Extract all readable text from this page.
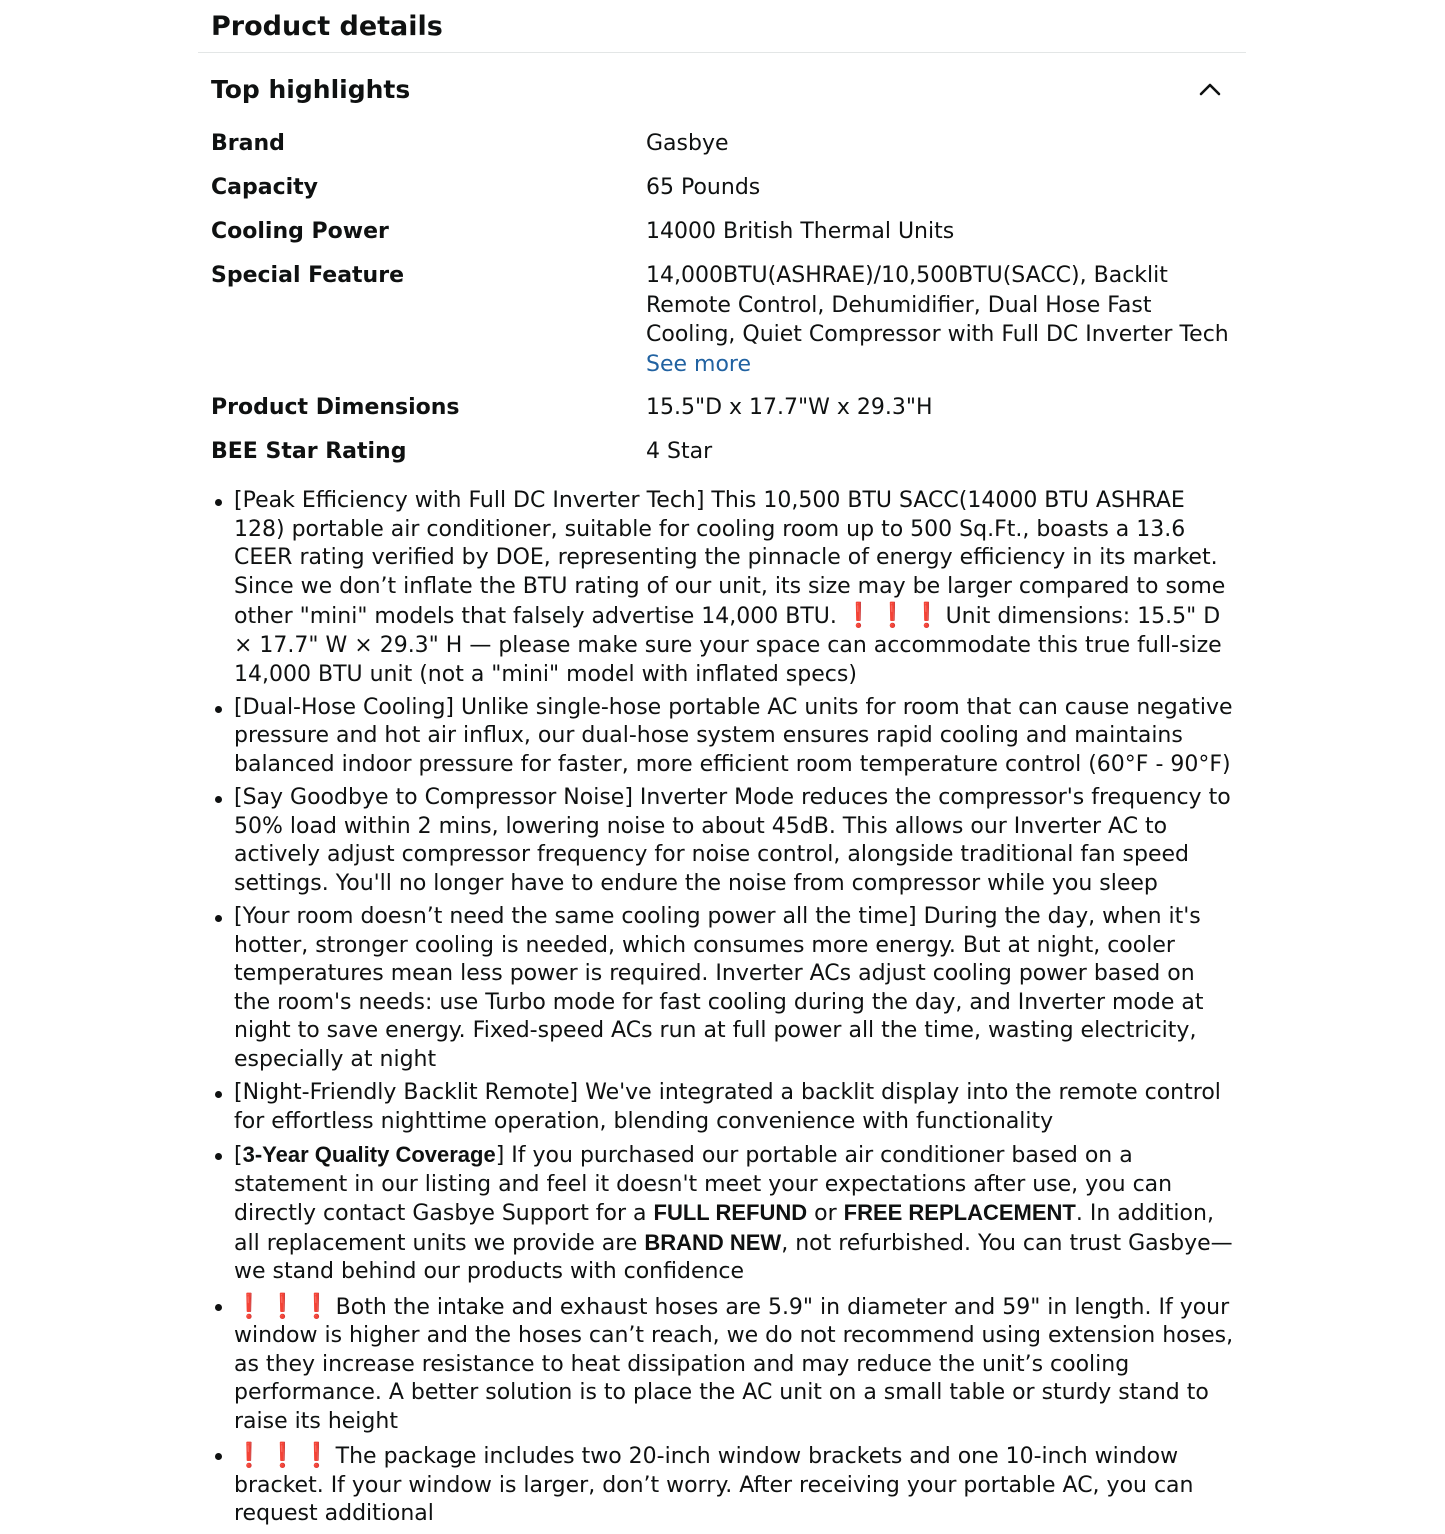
Product details
Top highlights
Brand	Gasbye
Capacity	65 Pounds
Cooling Power	14000 British Thermal Units
Special Feature	14,000BTU(ASHRAE)/10,500BTU(SACC), Backlit Remote Control, Dehumidifier, Dual Hose Fast Cooling, Quiet Compressor with Full DC Inverter Tech
See more
Product Dimensions	15.5"D x 17.7"W x 29.3"H
BEE Star Rating	4 Star
[Peak Efficiency with Full DC Inverter Tech] This 10,500 BTU SACC(14000 BTU ASHRAE 128) portable air conditioner, suitable for cooling room up to 500 Sq.Ft., boasts a 13.6 CEER rating verified by DOE, representing the pinnacle of energy efficiency in its market. Since we don’t inflate the BTU rating of our unit, its size may be larger compared to some other "mini" models that falsely advertise 14,000 BTU. ❗❗❗Unit dimensions: 15.5" D × 17.7" W × 29.3" H — please make sure your space can accommodate this true full-size 14,000 BTU unit (not a "mini" model with inflated specs)
[Dual-Hose Cooling] Unlike single-hose portable AC units for room that can cause negative pressure and hot air influx, our dual-hose system ensures rapid cooling and maintains balanced indoor pressure for faster, more efficient room temperature control (60°F - 90°F)
[Say Goodbye to Compressor Noise] Inverter Mode reduces the compressor's frequency to 50% load within 2 mins, lowering noise to about 45dB. This allows our Inverter AC to actively adjust compressor frequency for noise control, alongside traditional fan speed settings. You'll no longer have to endure the noise from compressor while you sleep
[Your room doesn’t need the same cooling power all the time] During the day, when it's hotter, stronger cooling is needed, which consumes more energy. But at night, cooler temperatures mean less power is required. Inverter ACs adjust cooling power based on the room's needs: use Turbo mode for fast cooling during the day, and Inverter mode at night to save energy. Fixed-speed ACs run at full power all the time, wasting electricity, especially at night
[Night-Friendly Backlit Remote] We've integrated a backlit display into the remote control for effortless nighttime operation, blending convenience with functionality
[3-Year Quality Coverage] If you purchased our portable air conditioner based on a statement in our listing and feel it doesn't meet your expectations after use, you can directly contact Gasbye Support for a FULL REFUND or FREE REPLACEMENT. In addition, all replacement units we provide are BRAND NEW, not refurbished. You can trust Gasbye—we stand behind our products with confidence
❗❗❗Both the intake and exhaust hoses are 5.9" in diameter and 59" in length. If your window is higher and the hoses can’t reach, we do not recommend using extension hoses, as they increase resistance to heat dissipation and may reduce the unit’s cooling performance. A better solution is to place the AC unit on a small table or sturdy stand to raise its height
❗❗❗The package includes two 20-inch window brackets and one 10-inch window bracket. If your window is larger, don’t worry. After receiving your portable AC, you can request additional
